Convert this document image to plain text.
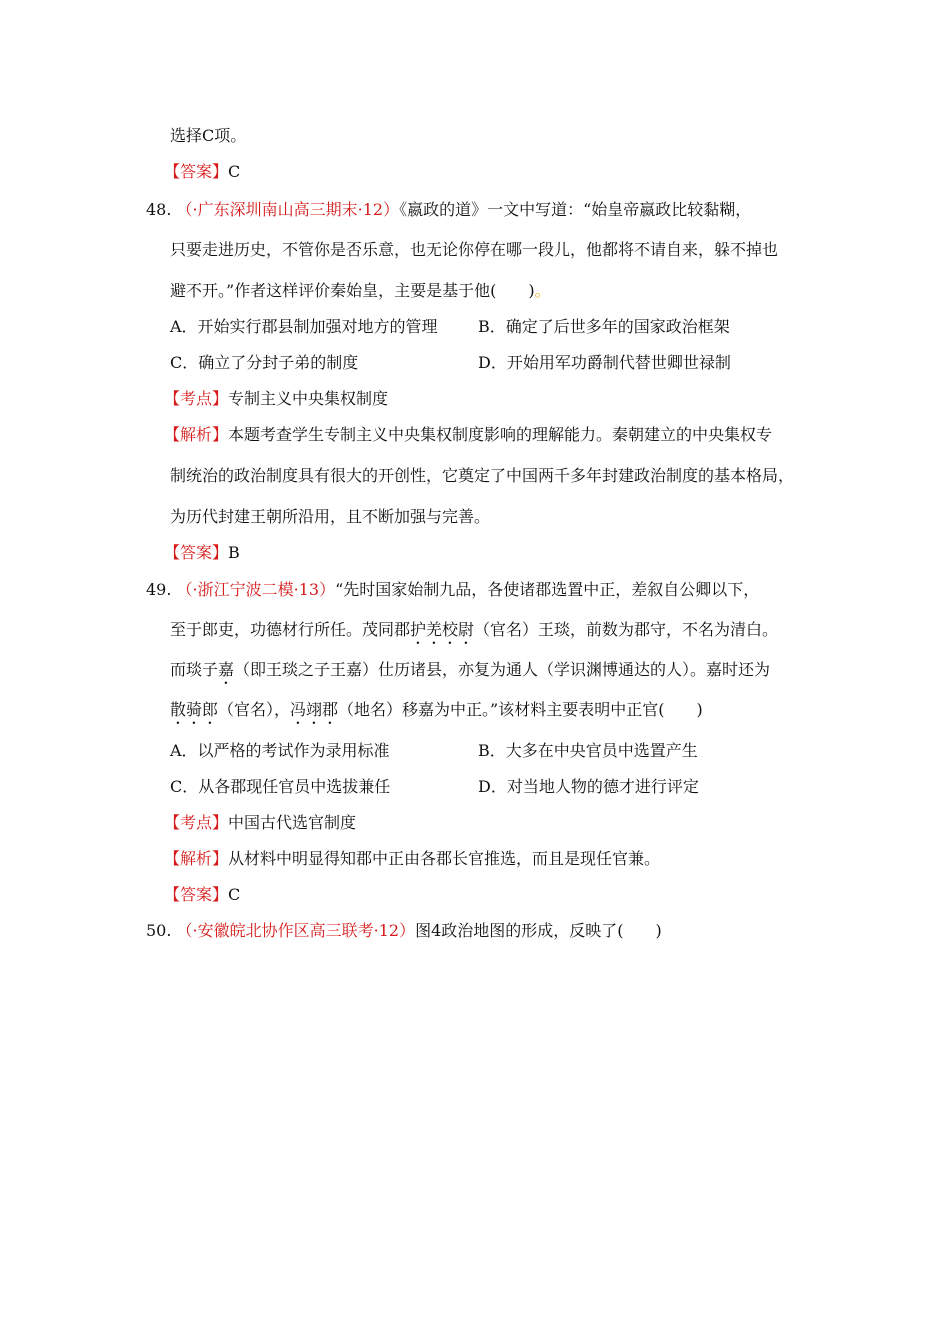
选择C项。
【答案】C
48. （·广东深圳南山高三期末·12）《嬴政的道》一文中写道：“始皇帝嬴政比较黏糊，
只要走进历史，不管你是否乐意，也无论你停在哪一段儿，他都将不请自来，躲不掉也
避不开。”作者这样评价秦始皇，主要是基于他(　　)。
A．开始实行郡县制加强对地方的管理	B．确定了后世多年的国家政治框架
C．确立了分封子弟的制度	D．开始用军功爵制代替世卿世禄制
【考点】专制主义中央集权制度
【解析】本题考查学生专制主义中央集权制度影响的理解能力。秦朝建立的中央集权专
制统治的政治制度具有很大的开创性，它奠定了中国两千多年封建政治制度的基本格局，
为历代封建王朝所沿用，且不断加强与完善。
【答案】B
49. （·浙江宁波二模·13）“先时国家始制九品，各使诸郡选置中正，差叙自公卿以下，
至于郎吏，功德材行所任。茂同郡护羌校尉（官名）王琰，前数为郡守，不名为清白。
而琰子嘉（即王琰之子王嘉）仕历诸县，亦复为通人（学识渊博通达的人）。嘉时还为
散骑郎（官名），冯翊郡（地名）移嘉为中正。”该材料主要表明中正官(　　)
A．以严格的考试作为录用标准	B．大多在中央官员中选置产生
C．从各郡现任官员中选拔兼任	D．对当地人物的德才进行评定
【考点】中国古代选官制度
【解析】从材料中明显得知郡中正由各郡长官推选，而且是现任官兼。
【答案】C
50. （·安徽皖北协作区高三联考·12）图4政治地图的形成，反映了(　　)
